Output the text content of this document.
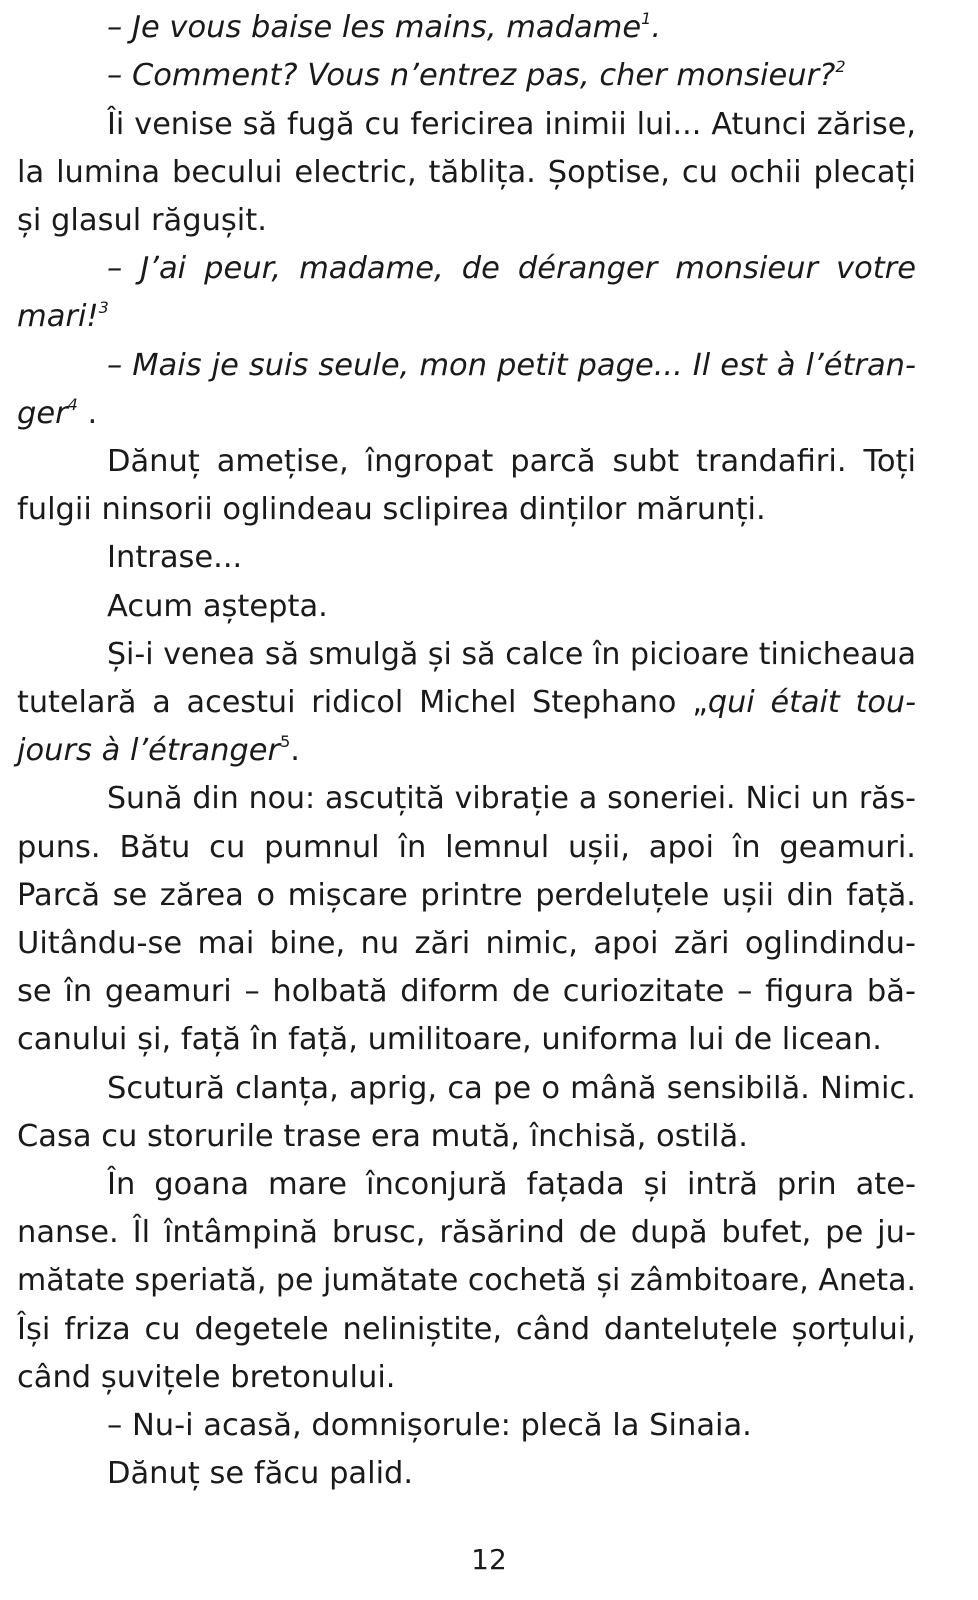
– Je vous baise les mains, madame$^1$.
– Comment? Vous n’entrez pas, cher monsieur?$^2$
Îi venise să fugă cu fericirea inimii lui... Atunci zărise,
la lumina becului electric, tăblița. Șoptise, cu ochii plecați
și glasul răgușit.
– J’ai peur, madame, de déranger monsieur votre
mari!$^3$
– Mais je suis seule, mon petit page... Il est à l’étran-
ger$^4$ .
Dănuț amețise, îngropat parcă subt trandafiri. Toți
fulgii ninsorii oglindeau sclipirea dinților mărunți.
Intrase...
Acum aștepta.
Și-i venea să smulgă și să calce în picioare tinicheaua
tutelară a acestui ridicol Michel Stephano „qui était tou-
jours à l’étranger$^5$.
Sună din nou: ascuțită vibrație a soneriei. Nici un răs-
puns. Bătu cu pumnul în lemnul ușii, apoi în geamuri.
Parcă se zărea o mișcare printre perdeluțele ușii din față.
Uitându-se mai bine, nu zări nimic, apoi zări oglindindu-
se în geamuri – holbată diform de curiozitate – figura bă-
canului și, față în față, umilitoare, uniforma lui de licean.
Scutură clanța, aprig, ca pe o mână sensibilă. Nimic.
Casa cu storurile trase era mută, închisă, ostilă.
În goana mare înconjură fațada și intră prin ate-
nanse. Îl întâmpină brusc, răsărind de după bufet, pe ju-
mătate speriată, pe jumătate cochetă și zâmbitoare, Aneta.
Își friza cu degetele neliniștite, când danteluțele șorțului,
când șuvițele bretonului.
– Nu-i acasă, domnișorule: plecă la Sinaia.
Dănuț se făcu palid.
12
